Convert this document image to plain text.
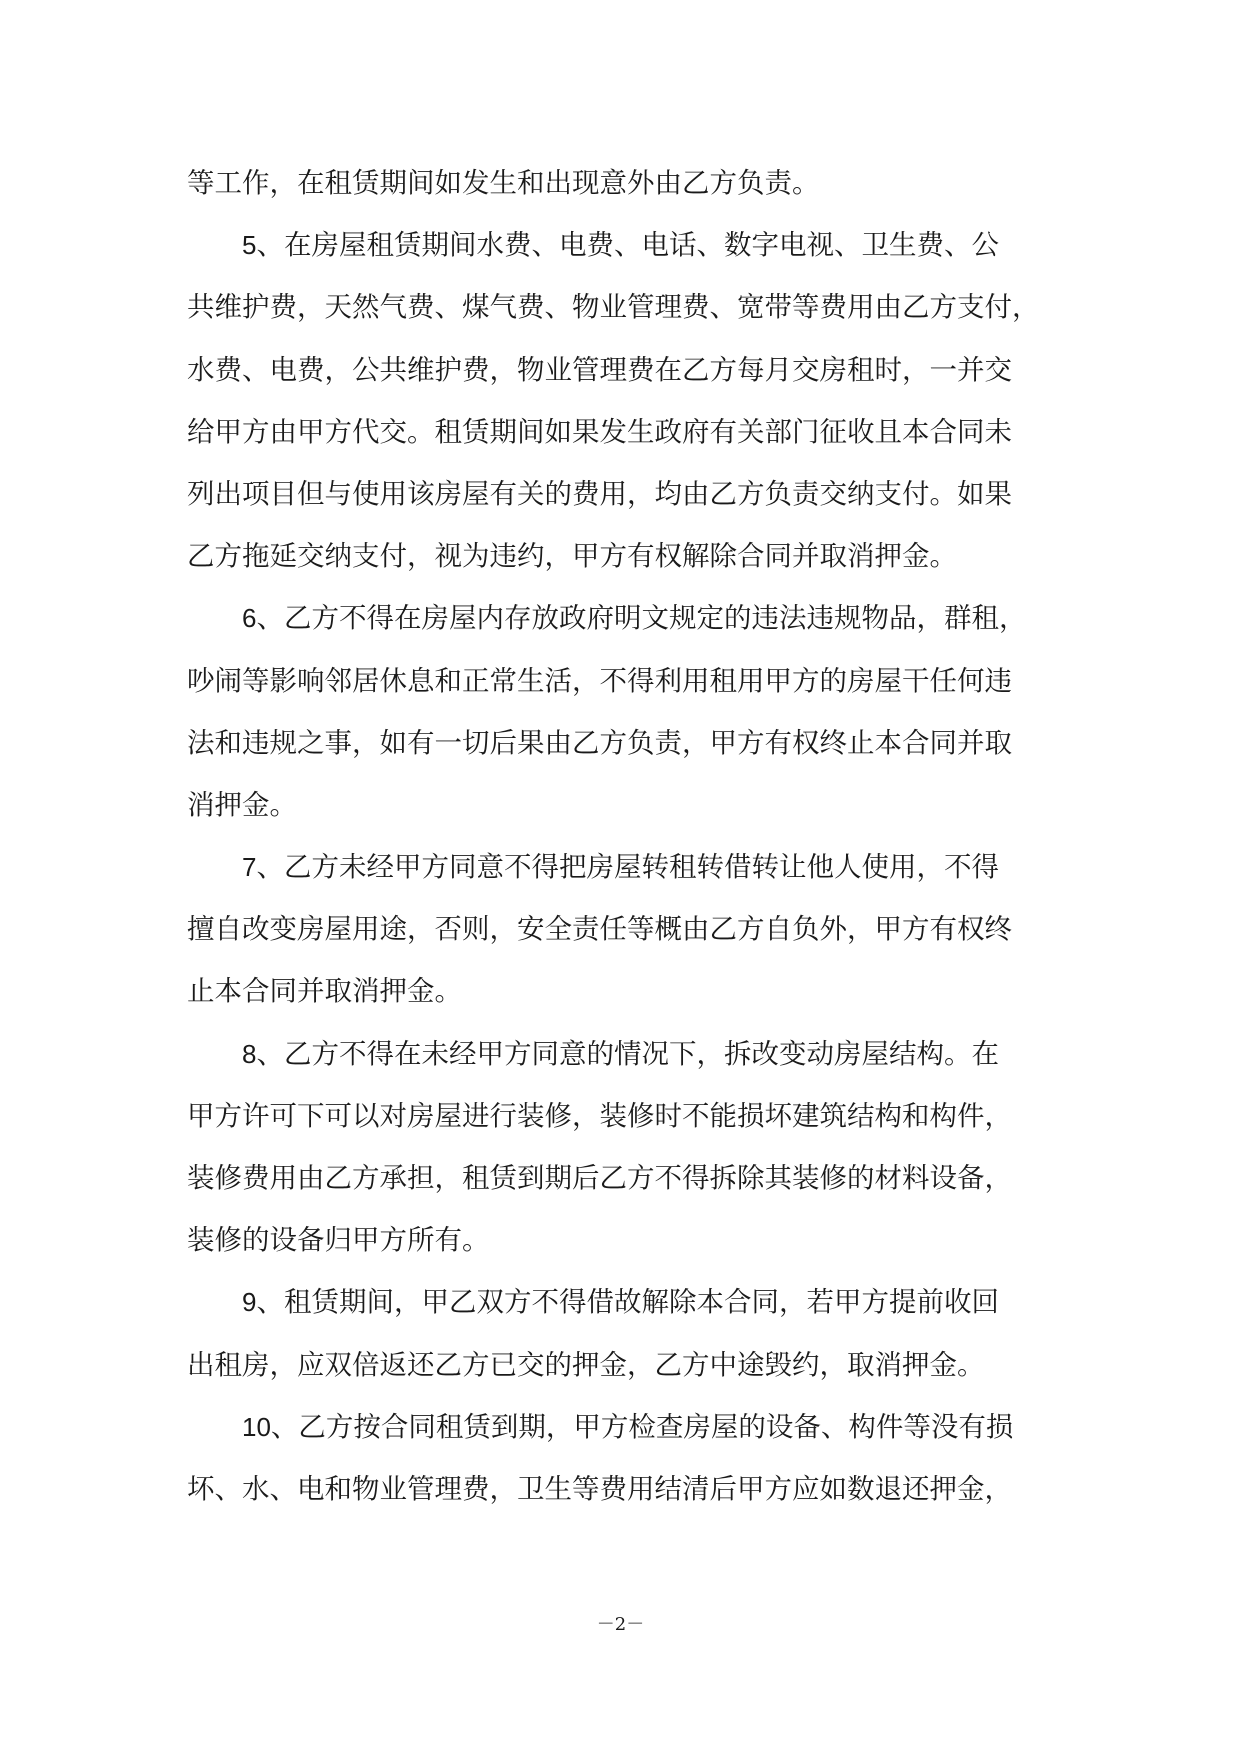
等工作，在租赁期间如发生和出现意外由乙方负责。
5、在房屋租赁期间水费、电费、电话、数字电视、卫生费、公
共维护费，天然气费、煤气费、物业管理费、宽带等费用由乙方支付，
水费、电费，公共维护费，物业管理费在乙方每月交房租时，一并交
给甲方由甲方代交。租赁期间如果发生政府有关部门征收且本合同未
列出项目但与使用该房屋有关的费用，均由乙方负责交纳支付。如果
乙方拖延交纳支付，视为违约，甲方有权解除合同并取消押金。
6、乙方不得在房屋内存放政府明文规定的违法违规物品，群租，
吵闹等影响邻居休息和正常生活，不得利用租用甲方的房屋干任何违
法和违规之事，如有一切后果由乙方负责，甲方有权终止本合同并取
消押金。
7、乙方未经甲方同意不得把房屋转租转借转让他人使用，不得
擅自改变房屋用途，否则，安全责任等概由乙方自负外，甲方有权终
止本合同并取消押金。
8、乙方不得在未经甲方同意的情况下，拆改变动房屋结构。在
甲方许可下可以对房屋进行装修，装修时不能损坏建筑结构和构件，
装修费用由乙方承担，租赁到期后乙方不得拆除其装修的材料设备，
装修的设备归甲方所有。
9、租赁期间，甲乙双方不得借故解除本合同，若甲方提前收回
出租房，应双倍返还乙方已交的押金，乙方中途毁约，取消押金。
10、乙方按合同租赁到期，甲方检查房屋的设备、构件等没有损
坏、水、电和物业管理费，卫生等费用结清后甲方应如数退还押金，
－2－
